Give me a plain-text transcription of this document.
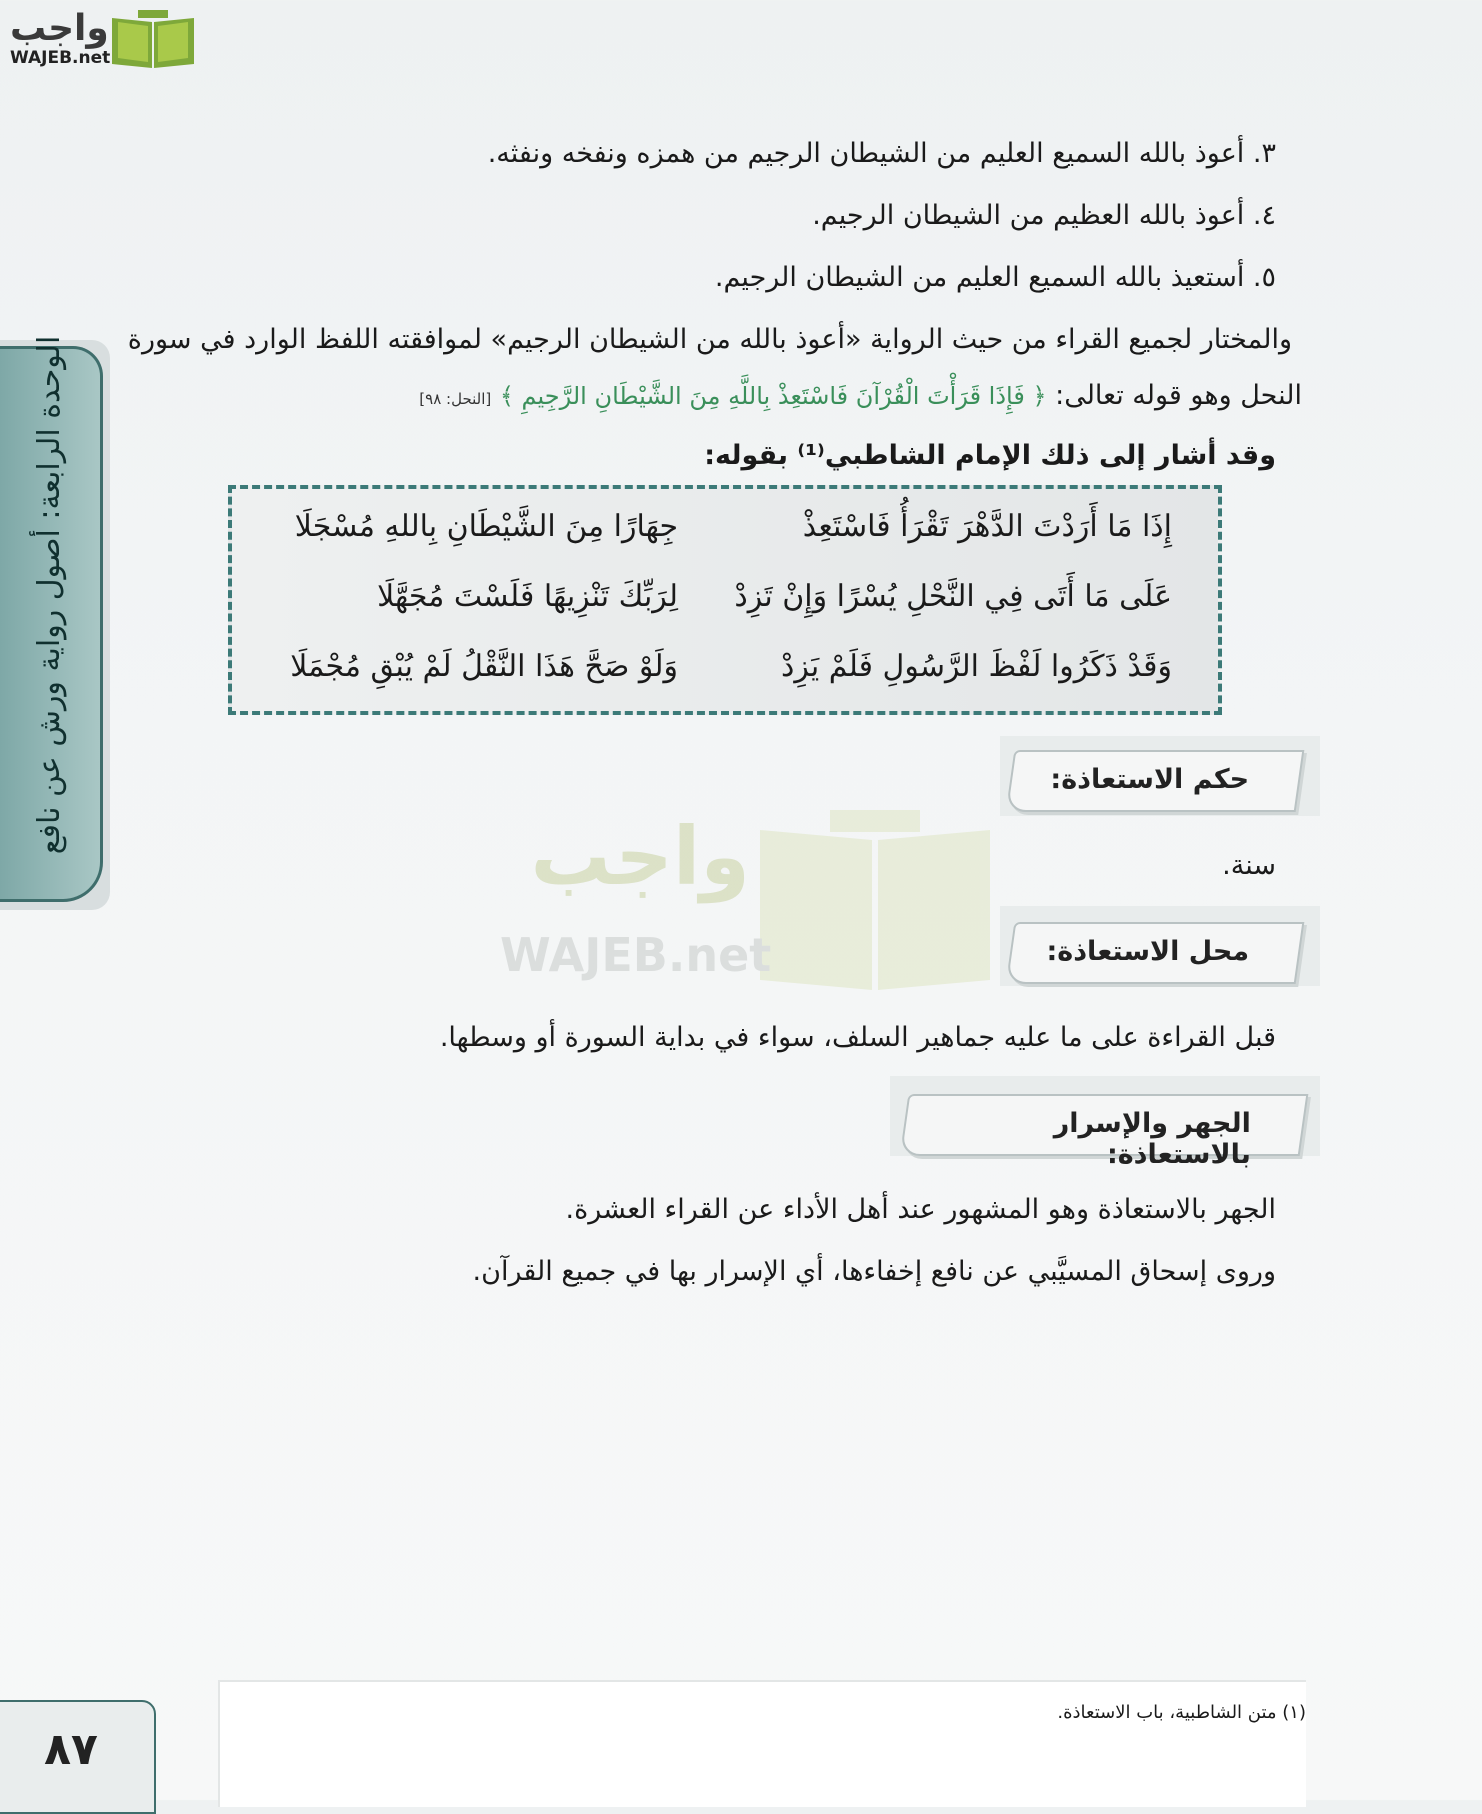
واجب
WAJEB.net
الوحدة الرابعة: أصول رواية ورش عن نافع
٣. أعوذ بالله السميع العليم من الشيطان الرجيم من همزه ونفخه ونفثه.
٤. أعوذ بالله العظيم من الشيطان الرجيم.
٥. أستعيذ بالله السميع العليم من الشيطان الرجيم.
والمختار لجميع القراء من حيث الرواية «أعوذ بالله من الشيطان الرجيم» لموافقته اللفظ الوارد في سورة
النحل وهو قوله تعالى: ﴿ فَإِذَا قَرَأْتَ الْقُرْآنَ فَاسْتَعِذْ بِاللَّهِ مِنَ الشَّيْطَانِ الرَّجِيمِ ﴾ [النحل: ٩٨]
وقد أشار إلى ذلك الإمام الشاطبي⁽¹⁾ بقوله:
إِذَا مَا أَرَدْتَ الدَّهْرَ تَقْرَأُ فَاسْتَعِذْ
جِهَارًا مِنَ الشَّيْطَانِ بِاللهِ مُسْجَلَا
عَلَى مَا أَتَى فِي النَّحْلِ يُسْرًا وَإِنْ تَزِدْ
لِرَبِّكَ تَنْزِيهًا فَلَسْتَ مُجَهَّلَا
وَقَدْ ذَكَرُوا لَفْظَ الرَّسُولِ فَلَمْ يَزِدْ
وَلَوْ صَحَّ هَذَا النَّقْلُ لَمْ يُبْقِ مُجْمَلَا
حكم الاستعاذة:
سنة.
واجب
WAJEB.net	محل الاستعاذة:
قبل القراءة على ما عليه جماهير السلف، سواء في بداية السورة أو وسطها.
الجهر والإسرار بالاستعاذة:
الجهر بالاستعاذة وهو المشهور عند أهل الأداء عن القراء العشرة.
وروى إسحاق المسيَّبي عن نافع إخفاءها، أي الإسرار بها في جميع القرآن.
(١) متن الشاطبية، باب الاستعاذة.
٨٧
